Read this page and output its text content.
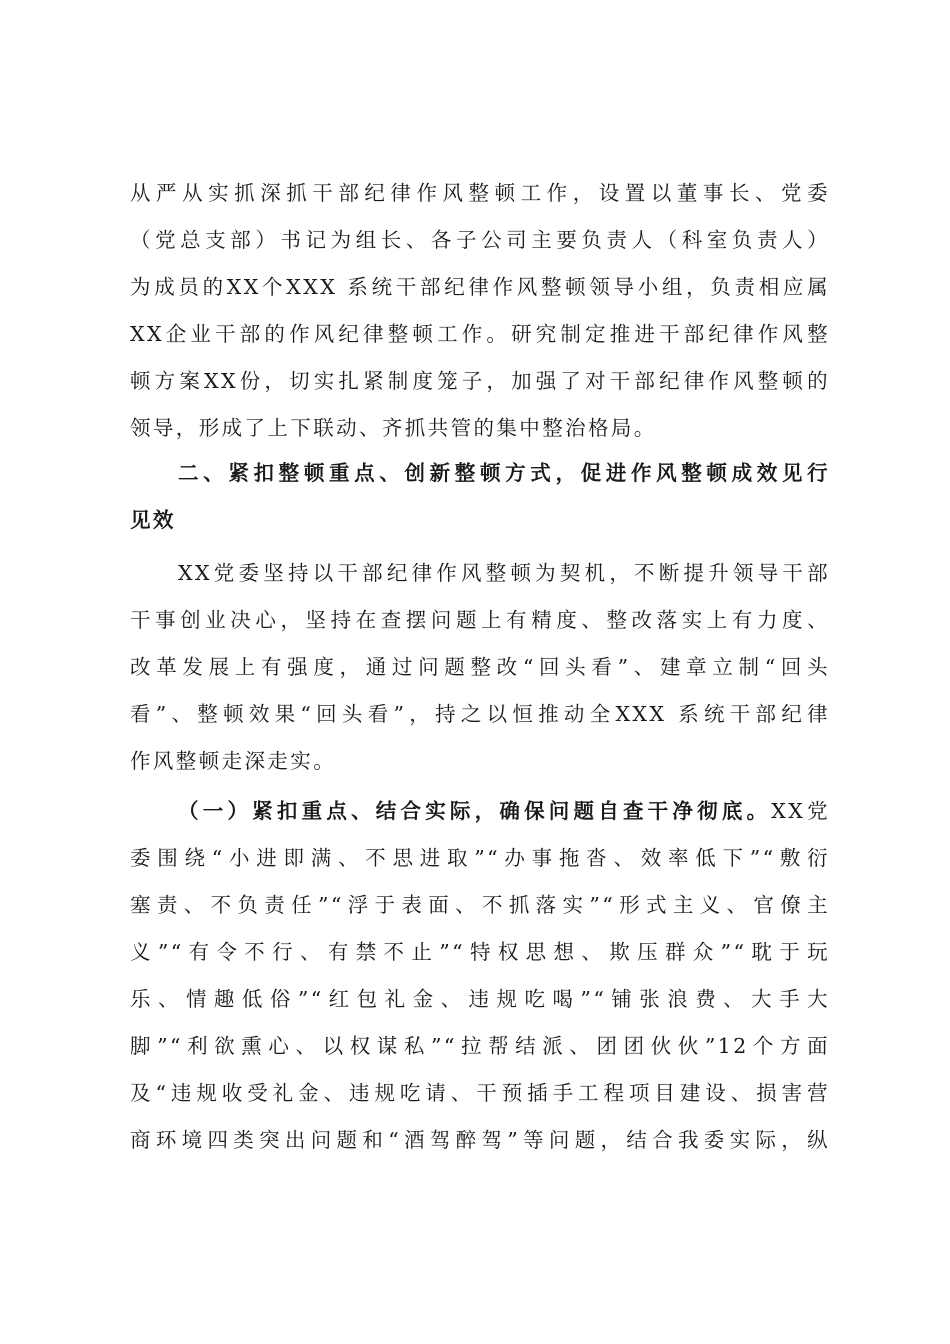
从严从实抓深抓干部纪律作风整顿工作，设置以董事长、党委
（党总支部）书记为组长、各子公司主要负责人（科室负责人）
为成员的XX个XXX 系统干部纪律作风整顿领导小组，负责相应属
XX企业干部的作风纪律整顿工作。研究制定推进干部纪律作风整
顿方案XX份，切实扎紧制度笼子，加强了对干部纪律作风整顿的
领导，形成了上下联动、齐抓共管的集中整治格局。
二、紧扣整顿重点、创新整顿方式，促进作风整顿成效见行
见效
XX党委坚持以干部纪律作风整顿为契机，不断提升领导干部
干事创业决心，坚持在查摆问题上有精度、整改落实上有力度、
改革发展上有强度，通过问题整改“回头看”、建章立制“回头
看”、整顿效果“回头看”，持之以恒推动全XXX 系统干部纪律
作风整顿走深走实。
（一）紧扣重点、结合实际，确保问题自查干净彻底。XX党
委围绕“小进即满、不思进取”“办事拖沓、效率低下”“敷衍
塞责、不负责任”“浮于表面、不抓落实”“形式主义、官僚主
义”“有令不行、有禁不止”“特权思想、欺压群众”“耽于玩
乐、情趣低俗”“红包礼金、违规吃喝”“铺张浪费、大手大
脚”“利欲熏心、以权谋私”“拉帮结派、团团伙伙”12个方面
及“违规收受礼金、违规吃请、干预插手工程项目建设、损害营
商环境四类突出问题和“酒驾醉驾”等问题，结合我委实际，纵
